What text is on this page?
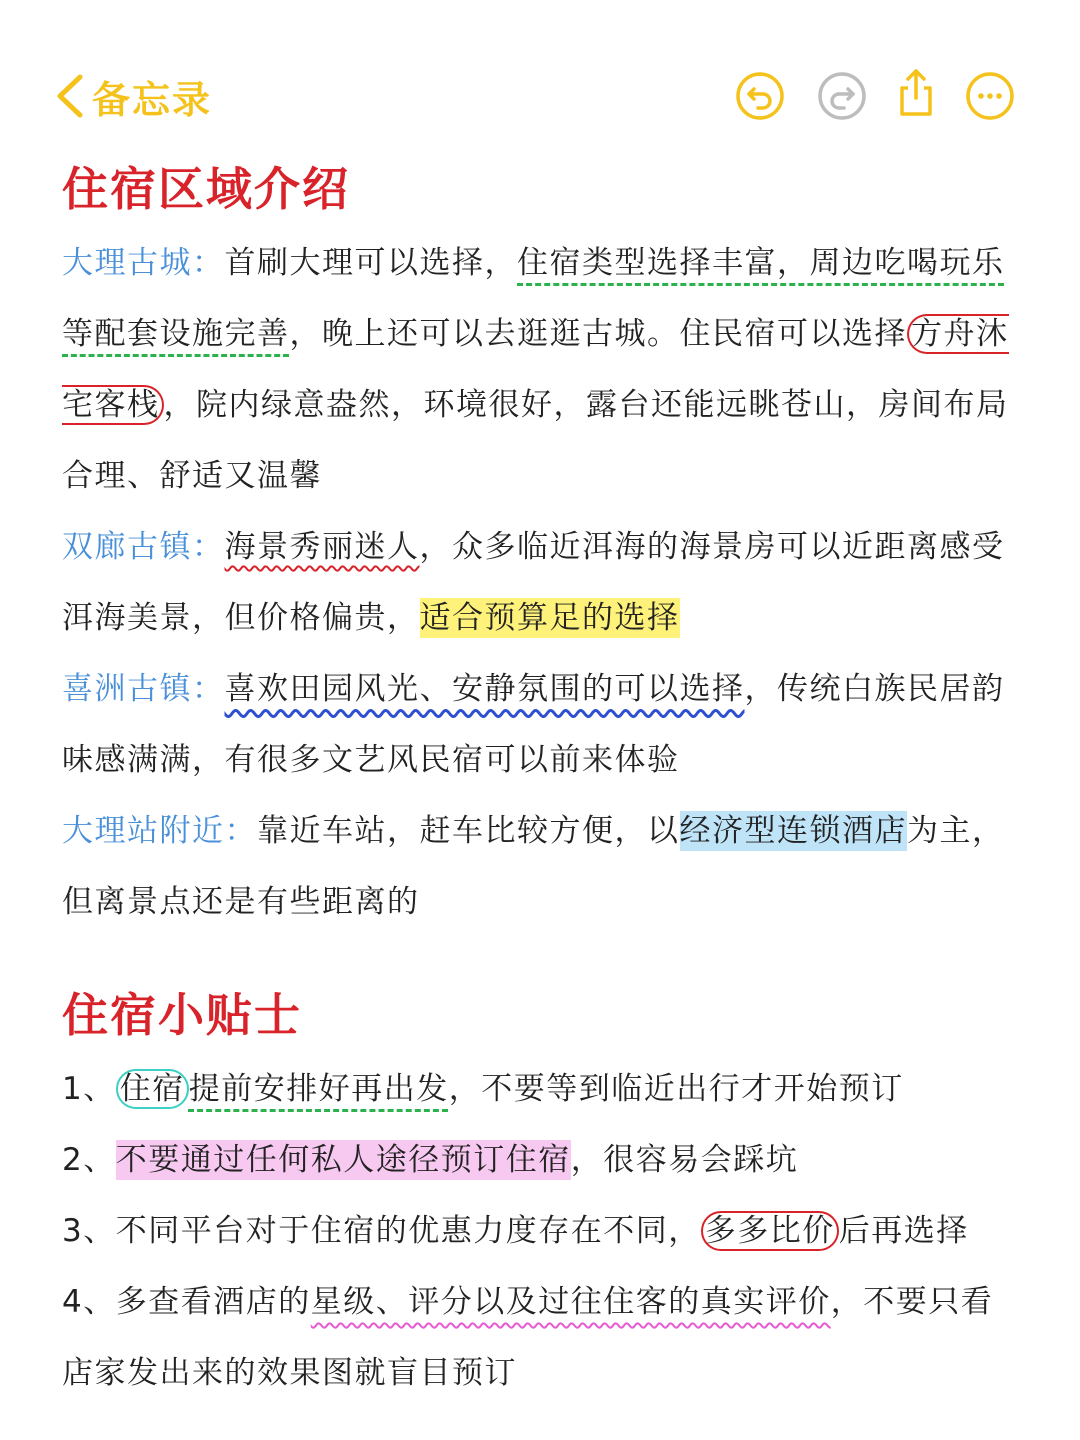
备忘录
住宿区域介绍

大理古城：首刷大理可以选择，住宿类型选择丰富，周边吃喝玩乐等配套设施完善，晚上还可以去逛逛古城。住民宿可以选择 方舟沐宅客栈 ，院内绿意盎然，环境很好，露台还能远眺苍山，房间布局合理、舒适又温馨

双廊古镇：海景秀丽迷人，众多临近洱海的海景房可以近距离感受洱海美景，但价格偏贵，适合预算足的选择

喜洲古镇：喜欢田园风光、安静氛围的可以选择，传统白族民居韵味感满满，有很多文艺风民宿可以前来体验

大理站附近：靠近车站，赶车比较方便，以经济型连锁酒店为主，但离景点还是有些距离的

住宿小贴士

1、 住宿 提前安排好再出发，不要等到临近出行才开始预订

2、不要通过任何私人途径预订住宿，很容易会踩坑

3、不同平台对于住宿的优惠力度存在不同， 多多比价 后再选择

4、多查看酒店的星级、评分以及过往住客的真实评价，不要只看店家发出来的效果图就盲目预订
